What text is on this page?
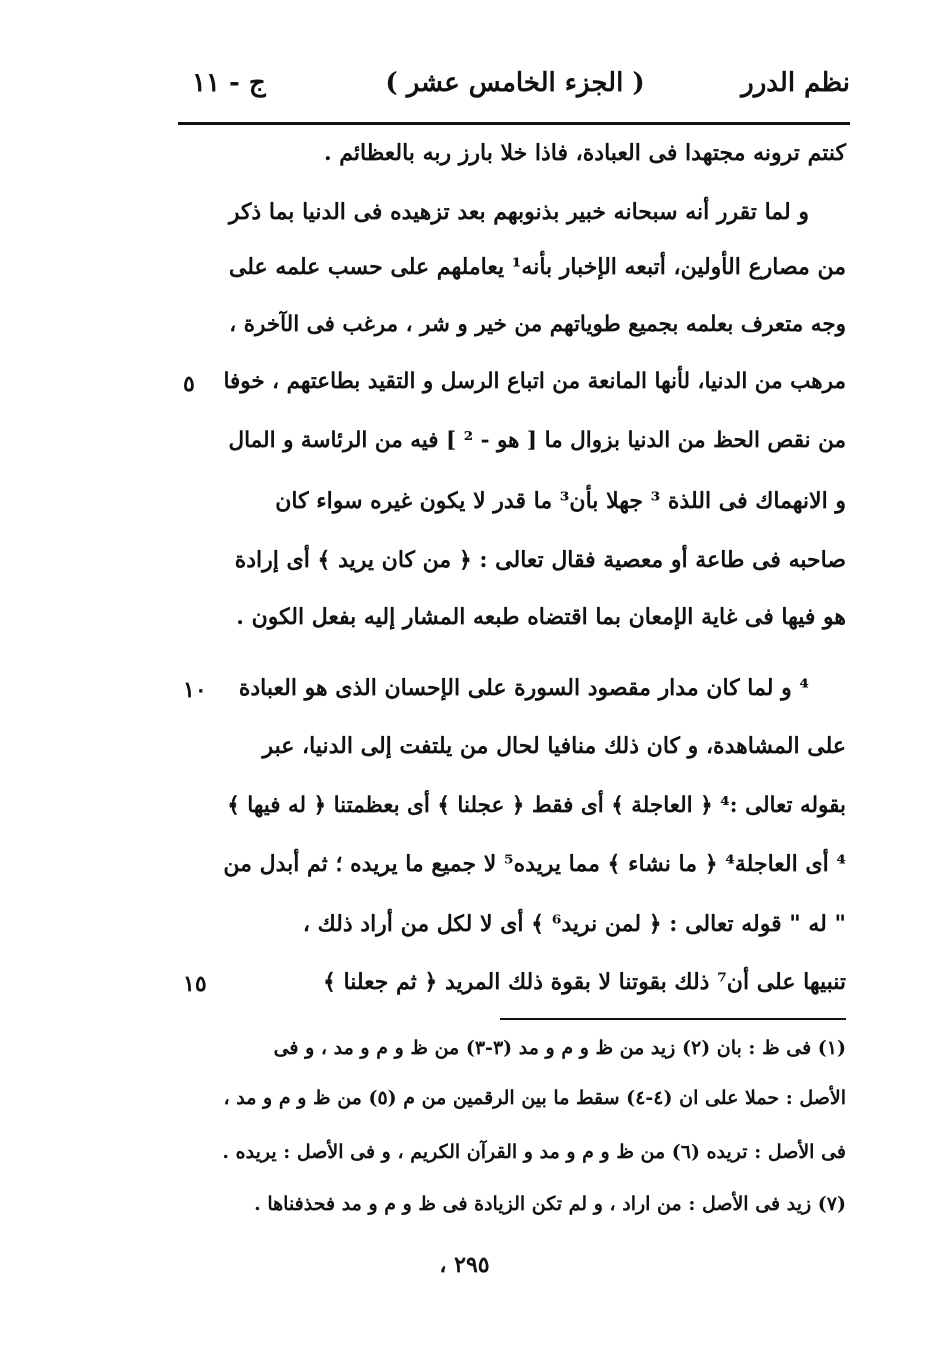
نظم الدرر
( الجزء الخامس عشر )
ج - ١١
كنتم ترونه مجتهدا فى العبادة، فاذا خلا بارز ربه بالعظائم .
و لما تقرر أنه سبحانه خبير بذنوبهم بعد تزهيده فى الدنيا بما ذكر
من مصارع الأولين، أتبعه الإخبار بأنه¹ يعاملهم على حسب علمه على
وجه متعرف بعلمه بجميع طوياتهم من خير و شر ، مرغب فى الآخرة ،
مرهب من الدنيا، لأنها المانعة من اتباع الرسل و التقيد بطاعتهم ، خوفا
من نقص الحظ من الدنيا بزوال ما [ هو - ² ] فيه من الرئاسة و المال
و الانهماك فى اللذة ³ جهلا بأن³ ما قدر لا يكون غيره سواء كان
صاحبه فى طاعة أو معصية فقال تعالى : ﴿ من كان يريد ﴾ أى إرادة
هو فيها فى غاية الإمعان بما اقتضاه طبعه المشار إليه بفعل الكون .
⁴ و لما كان مدار مقصود السورة على الإحسان الذى هو العبادة
على المشاهدة، و كان ذلك منافيا لحال من يلتفت إلى الدنيا، عبر
بقوله تعالى :⁴ ﴿ العاجلة ﴾ أى فقط ﴿ عجلنا ﴾ أى بعظمتنا ﴿ له فيها ﴾
⁴ أى العاجلة⁴ ﴿ ما نشاء ﴾ مما يريده⁵ لا جميع ما يريده ؛ ثم أبدل من
" له " قوله تعالى : ﴿ لمن نريد⁶ ﴾ أى لا لكل من أراد ذلك ،
تنبيها على أن⁷ ذلك بقوتنا لا بقوة ذلك المريد ﴿ ثم جعلنا ﴾
٥
١٠
١٥
(١) فى ظ : بان (٢) زيد من ظ و م و مد (٣-٣) من ظ و م و مد ، و فى
الأصل : حملا على ان (٤-٤) سقط ما بين الرقمين من م (٥) من ظ و م و مد ،
فى الأصل : تريده (٦) من ظ و م و مد و القرآن الكريم ، و فى الأصل : يريده .
(٧) زيد فى الأصل : من اراد ، و لم تكن الزيادة فى ظ و م و مد فحذفناها .
٢٩٥ ،
